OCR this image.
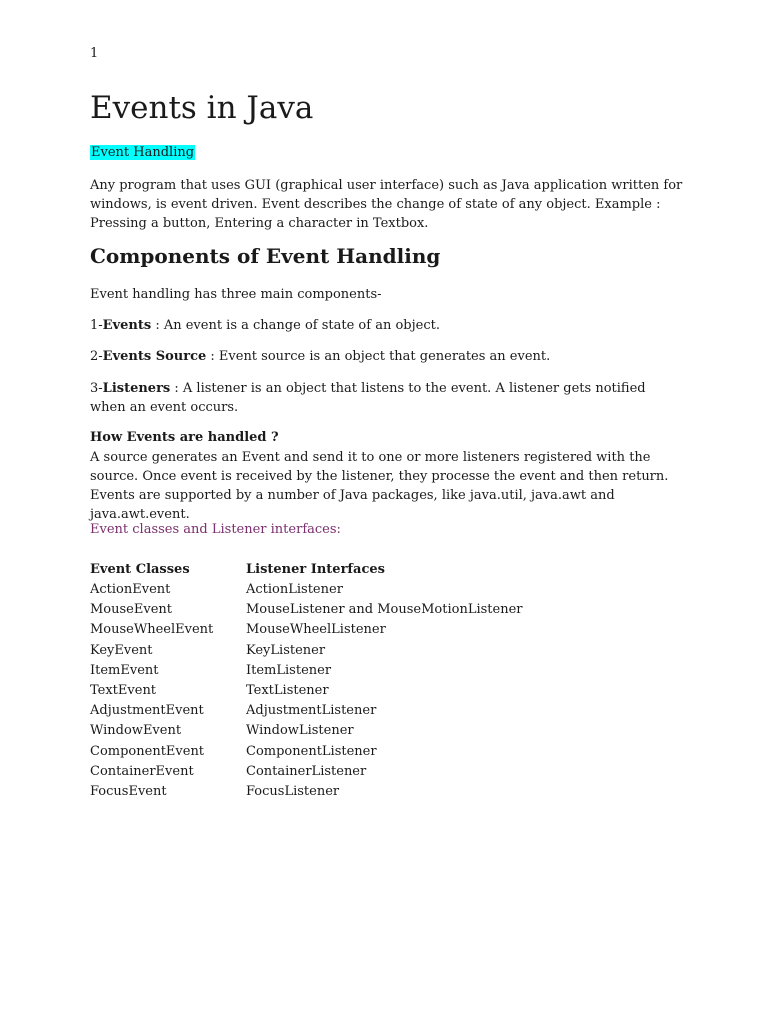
1
Events in Java
Event Handling

Any program that uses GUI (graphical user interface) such as Java application written for windows, is event driven. Event describes the change of state of any object. Example : Pressing a button, Entering a character in Textbox.

Components of Event Handling

Event handling has three main components-

1-Events : An event is a change of state of an object.

2-Events Source : Event source is an object that generates an event.

3-Listeners : A listener is an object that listens to the event. A listener gets notified when an event occurs.

How Events are handled ?

A source generates an Event and send it to one or more listeners registered with the source. Once event is received by the listener, they processe the event and then return. Events are supported by a number of Java packages, like java.util, java.awt and java.awt.event.

Event classes and Listener interfaces:
Event Classes	Listener Interfaces
ActionEvent	ActionListener
MouseEvent	MouseListener and MouseMotionListener
MouseWheelEvent	MouseWheelListener
KeyEvent	KeyListener
ItemEvent	ItemListener
TextEvent	TextListener
AdjustmentEvent	AdjustmentListener
WindowEvent	WindowListener
ComponentEvent	ComponentListener
ContainerEvent	ContainerListener
FocusEvent	FocusListener
